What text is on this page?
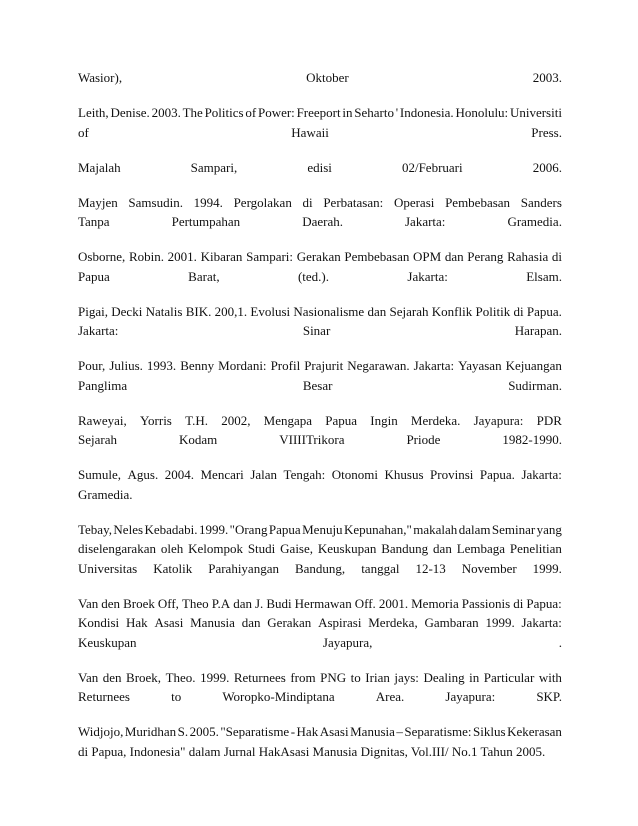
Wasior),	Oktober	2003.
Leith, Denise. 2003. The Politics of Power: Freeport in Seharto ' Indonesia. Honolulu: Universiti
of	Hawaii	Press.
Majalah	Sampari,	edisi	02/Februari	2006.
Mayjen Samsudin. 1994. Pergolakan di Perbatasan: Operasi Pembebasan Sanders
Tanpa	Pertumpahan	Daerah.	Jakarta:	Gramedia.
Osborne, Robin. 2001. Kibaran Sampari: Gerakan Pembebasan OPM dan Perang Rahasia di
Papua	Barat,	(ted.).	Jakarta:	Elsam.
Pigai, Decki Natalis BIK. 200,1. Evolusi Nasionalisme dan Sejarah Konflik Politik di Papua.
Jakarta:	Sinar	Harapan.
Pour, Julius. 1993. Benny Mordani: Profil Prajurit Negarawan. Jakarta: Yayasan Kejuangan
Panglima	Besar	Sudirman.
Raweyai, Yorris T.H. 2002, Mengapa Papua Ingin Merdeka. Jayapura: PDR
Sejarah	Kodam	VIIIITrikora	Priode	1982-1990.
Sumule, Agus. 2004. Mencari Jalan Tengah: Otonomi Khusus Provinsi Papua. Jakarta:
Gramedia.
Tebay, Neles Kebadabi. 1999. "Orang Papua Menuju Kepunahan," makalah dalam Seminar yang
diselengarakan oleh Kelompok Studi Gaise, Keuskupan Bandung dan Lembaga Penelitian
Universitas Katolik Parahiyangan Bandung, tanggal 12-13 November 1999.
Van den Broek Off, Theo P.A dan J. Budi Hermawan Off. 2001. Memoria Passionis di Papua:
Kondisi Hak Asasi Manusia dan Gerakan Aspirasi Merdeka, Gambaran 1999. Jakarta:
Keuskupan	Jayapura,	.
Van den Broek, Theo. 1999. Returnees from PNG to Irian jays: Dealing in Particular with
Returnees	to	Woropko-Mindiptana	Area.	Jayapura:	SKP.
Widjojo, Muridhan S. 2005. "Separatisme - Hak Asasi Manusia – Separatisme: Siklus Kekerasan
di Papua, Indonesia" dalam Jurnal HakAsasi Manusia Dignitas, Vol.III/ No.1 Tahun 2005.
